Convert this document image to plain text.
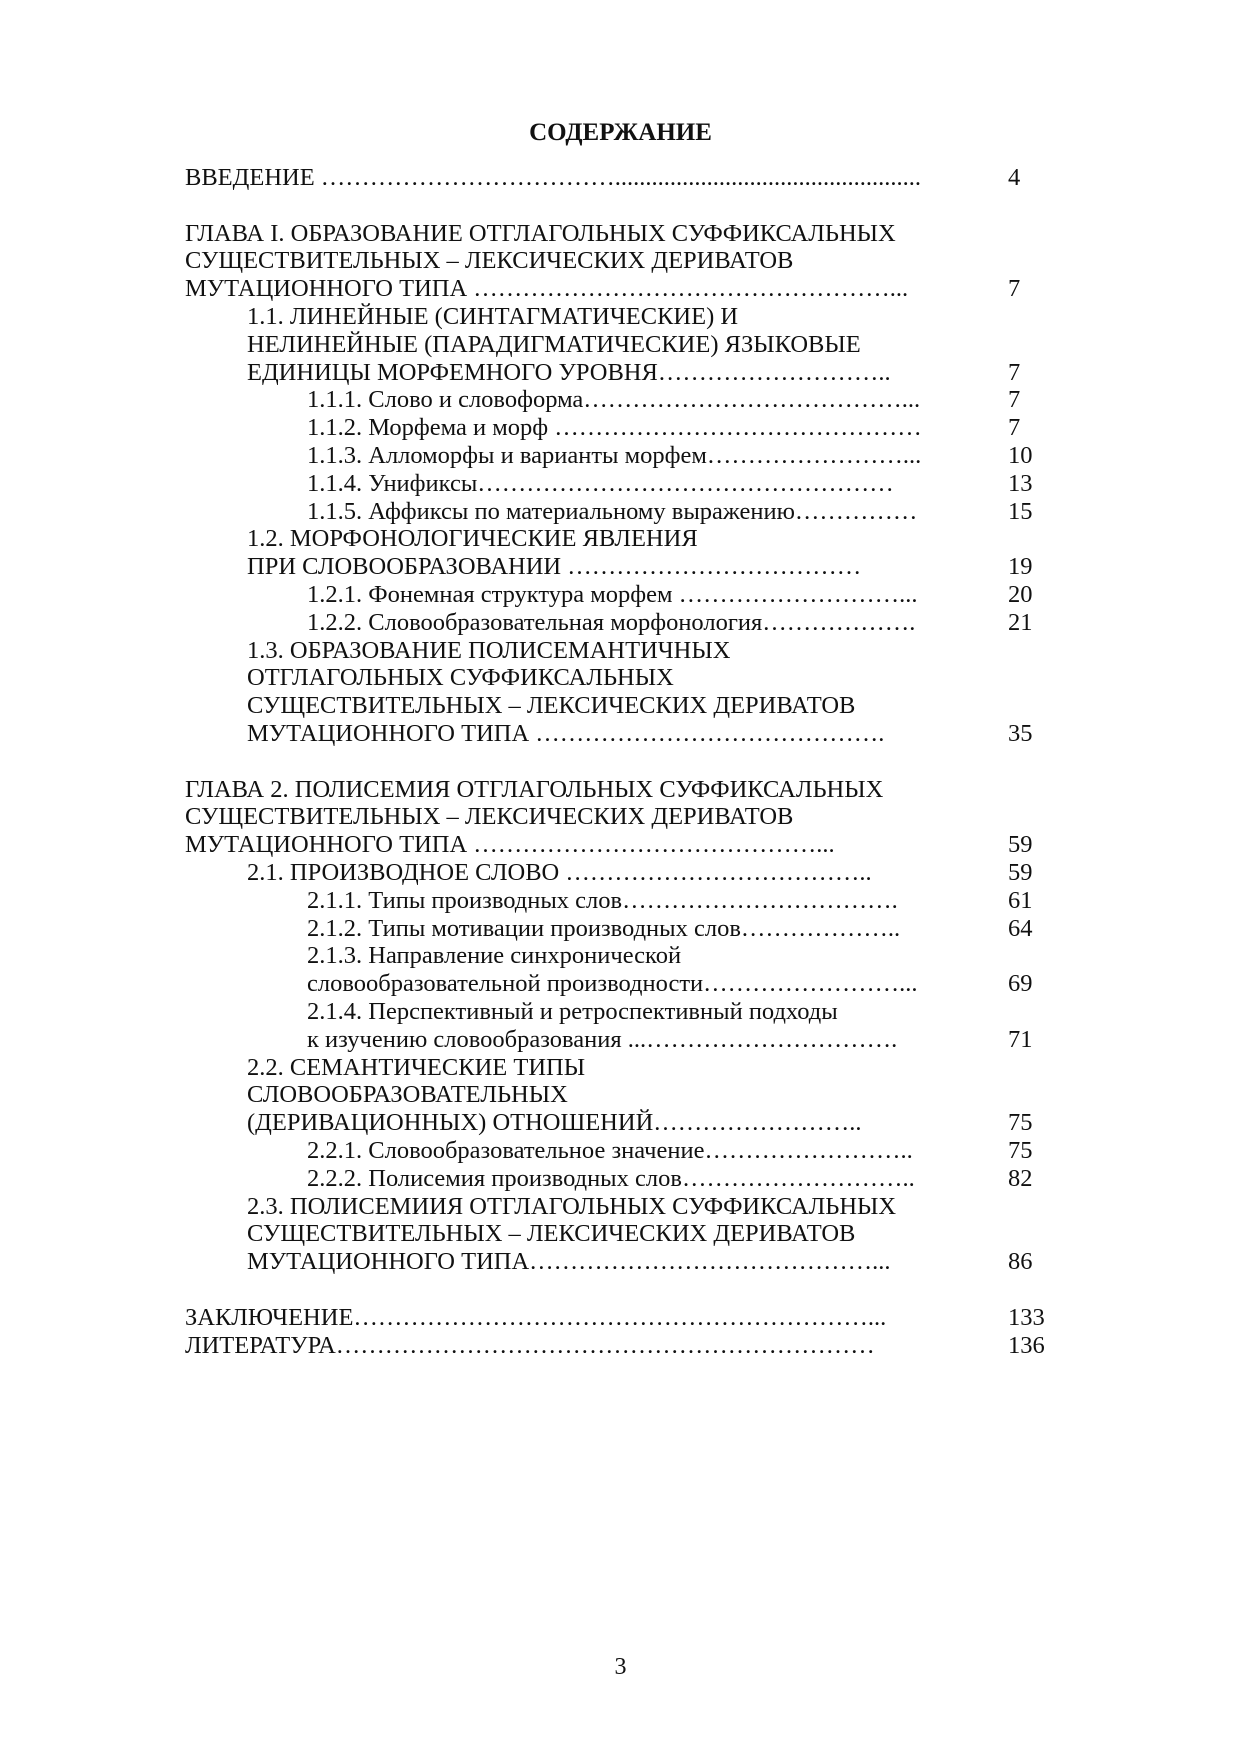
СОДЕРЖАНИЕ
ВВЕДЕНИЕ ………………………………..................................................	4
ГЛАВА I. ОБРАЗОВАНИЕ ОТГЛАГОЛЬНЫХ СУФФИКСАЛЬНЫХ
СУЩЕСТВИТЕЛЬНЫХ – ЛЕКСИЧЕСКИХ ДЕРИВАТОВ
МУТАЦИОННОГО ТИПА ……………………………………………...	7
1.1. ЛИНЕЙНЫЕ (СИНТАГМАТИЧЕСКИЕ) И
НЕЛИНЕЙНЫЕ (ПАРАДИГМАТИЧЕСКИЕ) ЯЗЫКОВЫЕ
ЕДИНИЦЫ МОРФЕМНОГО УРОВНЯ………………………..	7
1.1.1. Слово и словоформа…………………………………...	7
1.1.2. Морфема и морф ………………………………………	7
1.1.3. Алломорфы и варианты морфем……………………...	10
1.1.4. Унификсы……………………………………………	13
1.1.5. Аффиксы по материальному выражению……………	15
1.2. МОРФОНОЛОГИЧЕСКИЕ ЯВЛЕНИЯ
ПРИ СЛОВООБРАЗОВАНИИ ………………………………	19
1.2.1. Фонемная структура морфем ………………………...	20
1.2.2. Словообразовательная морфонология……………….	21
1.3. ОБРАЗОВАНИЕ ПОЛИСЕМАНТИЧНЫХ
ОТГЛАГОЛЬНЫХ СУФФИКСАЛЬНЫХ
СУЩЕСТВИТЕЛЬНЫХ – ЛЕКСИЧЕСКИХ ДЕРИВАТОВ
МУТАЦИОННОГО ТИПА …………………………………….	35
ГЛАВА 2. ПОЛИСЕМИЯ ОТГЛАГОЛЬНЫХ СУФФИКСАЛЬНЫХ
СУЩЕСТВИТЕЛЬНЫХ – ЛЕКСИЧЕСКИХ ДЕРИВАТОВ
МУТАЦИОННОГО ТИПА ……………………………………...	59
2.1. ПРОИЗВОДНОЕ СЛОВО ………………………………..	59
2.1.1. Типы производных слов…………………………….	61
2.1.2. Типы мотивации производных слов………………..	64
2.1.3. Направление синхронической
словообразовательной производности……………………...	69
2.1.4. Перспективный и ретроспективный подходы
к изучению словообразования ...………………………….	71
2.2. СЕМАНТИЧЕСКИЕ ТИПЫ
СЛОВООБРАЗОВАТЕЛЬНЫХ
(ДЕРИВАЦИОННЫХ) ОТНОШЕНИЙ……………………..	75
2.2.1. Словообразовательное значение……………………..	75
2.2.2. Полисемия производных слов………………………..	82
2.3. ПОЛИСЕМИИЯ ОТГЛАГОЛЬНЫХ СУФФИКСАЛЬНЫХ
СУЩЕСТВИТЕЛЬНЫХ – ЛЕКСИЧЕСКИХ ДЕРИВАТОВ
МУТАЦИОННОГО ТИПА……………………………………...	86
ЗАКЛЮЧЕНИЕ………………………………………………………...	133
ЛИТЕРАТУРА…………………………………………………………	136
3
